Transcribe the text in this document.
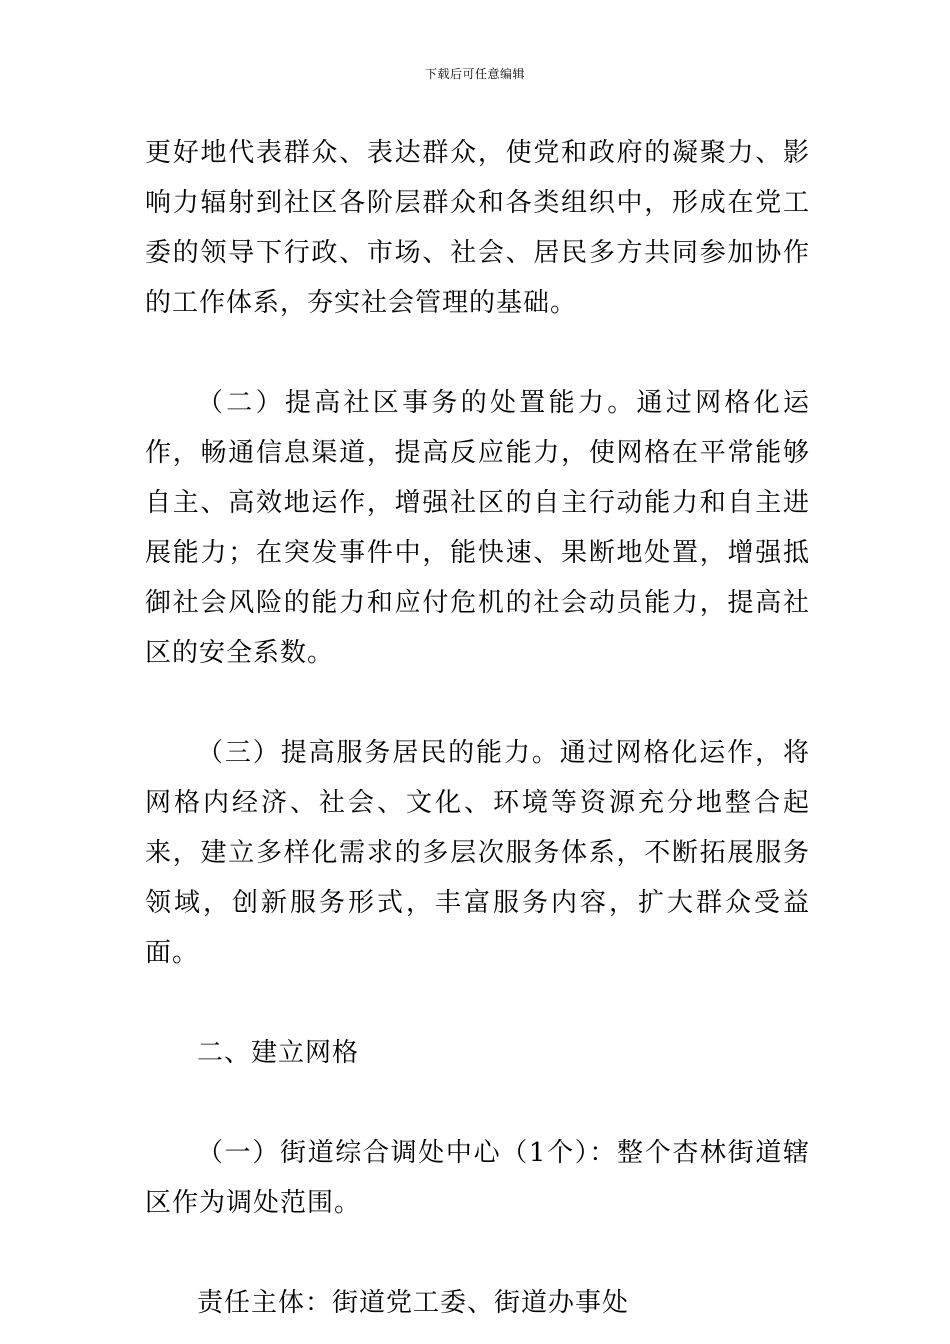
下载后可任意编辑

更好地代表群众、表达群众，使党和政府的凝聚力、影响力辐射到社区各阶层群众和各类组织中，形成在党工委的领导下行政、市场、社会、居民多方共同参加协作的工作体系，夯实社会管理的基础。

（二）提高社区事务的处置能力。通过网格化运作，畅通信息渠道，提高反应能力，使网格在平常能够自主、高效地运作，增强社区的自主行动能力和自主进展能力；在突发事件中，能快速、果断地处置，增强抵御社会风险的能力和应付危机的社会动员能力，提高社区的安全系数。

（三）提高服务居民的能力。通过网格化运作，将网格内经济、社会、文化、环境等资源充分地整合起来，建立多样化需求的多层次服务体系，不断拓展服务领域，创新服务形式，丰富服务内容，扩大群众受益面。

二、建立网格

（一）街道综合调处中心（1个）：整个杏林街道辖区作为调处范围。

责任主体：街道党工委、街道办事处
